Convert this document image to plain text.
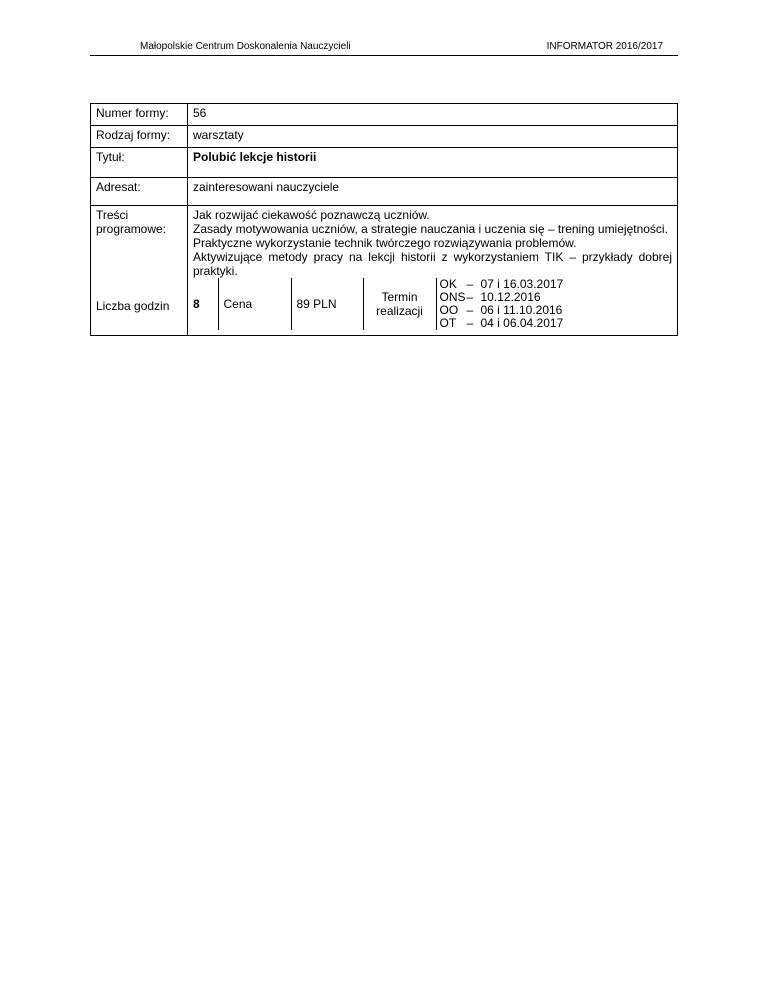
Małopolskie Centrum Doskonalenia Nauczycieli	INFORMATOR 2016/2017
Numer formy:	56
Rodzaj formy:	warsztaty
Tytuł:	Polubić lekcje historii
Adresat:	zainteresowani nauczyciele
Treści programowe:	

Jak rozwijać ciekawość poznawczą uczniów.

Zasady motywowania uczniów, a strategie nauczania i uczenia się – trening umiejętności.

Praktyczne wykorzystanie technik twórczego rozwiązywania problemów.

Aktywizujące metody pracy na lekcji historii z wykorzystaniem TIK – przykłady dobrej praktyki.

Liczba godzin	8	Cena	89 PLN	Termin realizacji	
OK – 07 i 16.03.2017
ONS– 10.12.2016
OO – 06 i 11.10.2016
OT – 04 i 06.04.2017
